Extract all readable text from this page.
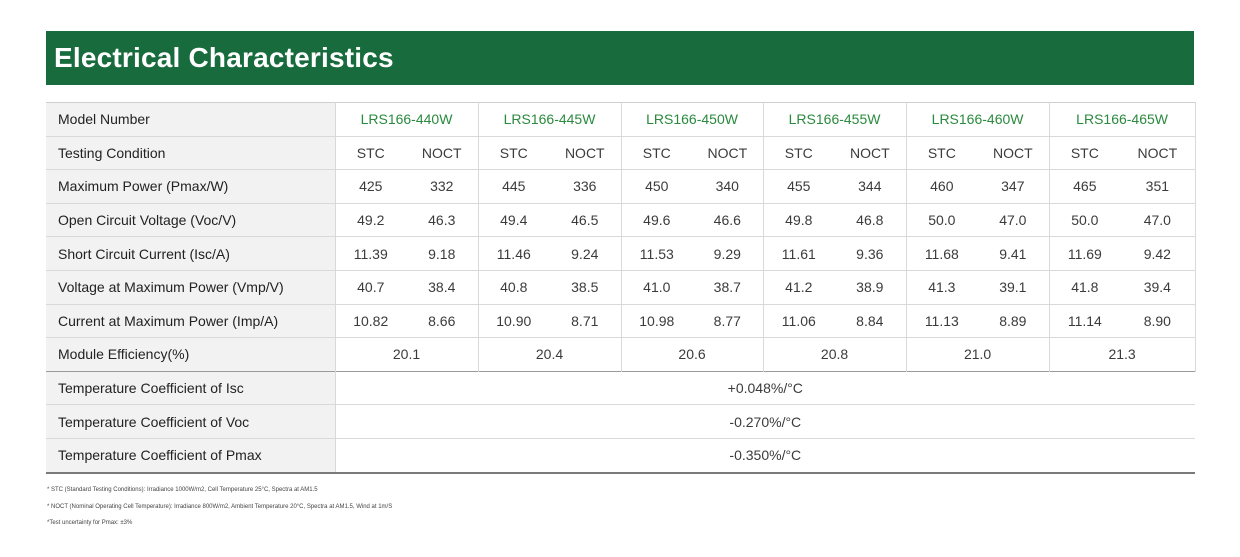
Electrical Characteristics
Model Number	LRS166-440W		LRS166-445W		LRS166-450W		LRS166-455W		LRS166-460W		LRS166-465W	
Testing Condition	STC	NOCT	STC	NOCT	STC	NOCT	STC	NOCT	STC	NOCT	STC	NOCT
Maximum Power (Pmax/W)	425	332	445	336	450	340	455	344	460	347	465	351
Open Circuit Voltage (Voc/V)	49.2	46.3	49.4	46.5	49.6	46.6	49.8	46.8	50.0	47.0	50.0	47.0
Short Circuit Current (Isc/A)	11.39	9.18	11.46	9.24	11.53	9.29	11.61	9.36	11.68	9.41	11.69	9.42
Voltage at Maximum Power (Vmp/V)	40.7	38.4	40.8	38.5	41.0	38.7	41.2	38.9	41.3	39.1	41.8	39.4
Current at Maximum Power (Imp/A)	10.82	8.66	10.90	8.71	10.98	8.77	11.06	8.84	11.13	8.89	11.14	8.90
Module Efficiency(%)	20.1		20.4		20.6		20.8		21.0		21.3	
Temperature Coefficient of Isc	+0.048%/°C											
Temperature Coefficient of Voc	-0.270%/°C											
Temperature Coefficient of Pmax	-0.350%/°C											
* STC (Standard Testing Conditions): Irradiance 1000W/m2, Cell Temperature 25°C, Spectra at AM1.5
* NOCT (Nominal Operating Cell Temperature): Irradiance 800W/m2, Ambient Temperature 20°C, Spectra at AM1.5, Wind at 1m/S
*Test uncertainty for Pmax: ±3%
